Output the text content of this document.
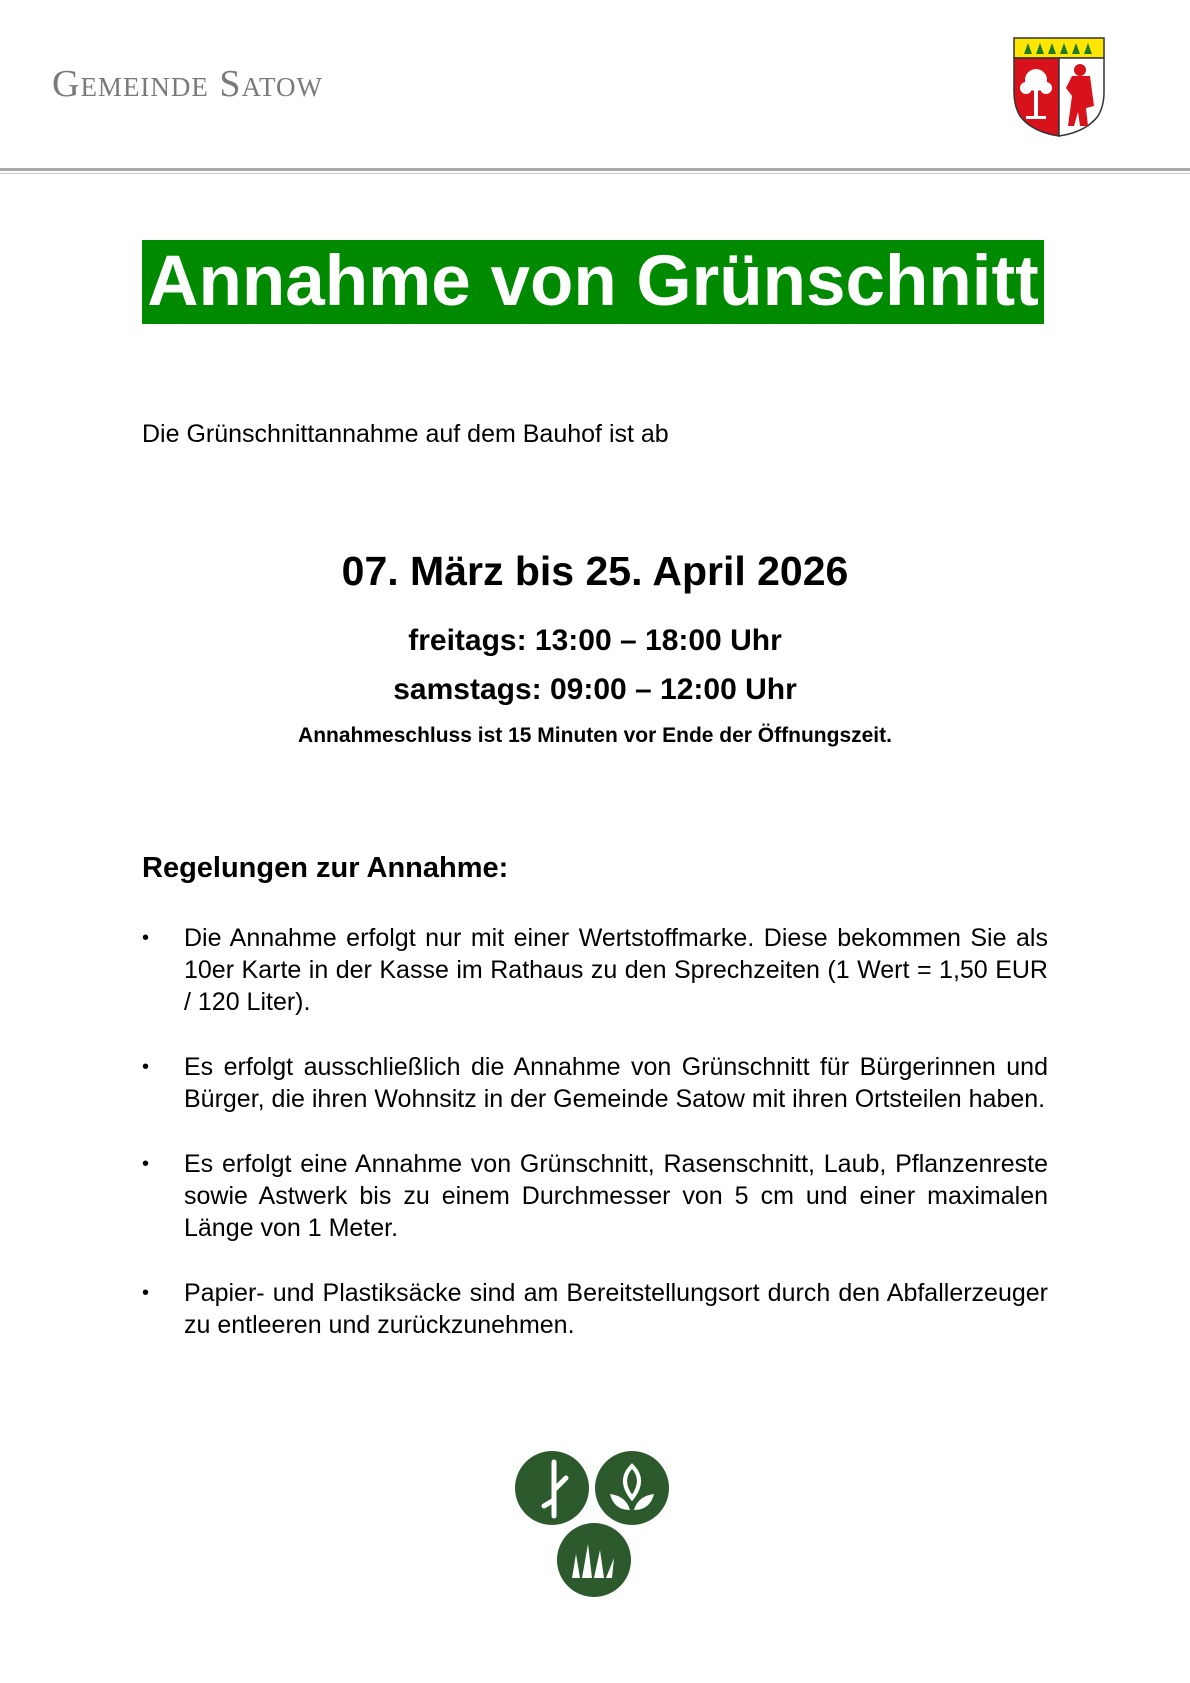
Gemeinde Satow
Annahme von Grünschnitt
Die Grünschnittannahme auf dem Bauhof ist ab
07. März bis 25. April 2026
freitags: 13:00 – 18:00 Uhr
samstags: 09:00 – 12:00 Uhr
Annahmeschluss ist 15 Minuten vor Ende der Öffnungszeit.
Regelungen zur Annahme:
• Die Annahme erfolgt nur mit einer Wertstoffmarke. Diese bekommen Sie als 10er Karte in der Kasse im Rathaus zu den Sprechzeiten (1 Wert = 1,50 EUR / 120 Liter).
• Es erfolgt ausschließlich die Annahme von Grünschnitt für Bürgerinnen und Bürger, die ihren Wohnsitz in der Gemeinde Satow mit ihren Ortsteilen haben.
• Es erfolgt eine Annahme von Grünschnitt, Rasenschnitt, Laub, Pflanzenreste sowie Astwerk bis zu einem Durchmesser von 5 cm und einer maximalen Länge von 1 Meter.
• Papier- und Plastiksäcke sind am Bereitstellungsort durch den Abfallerzeuger zu entleeren und zurückzunehmen.
